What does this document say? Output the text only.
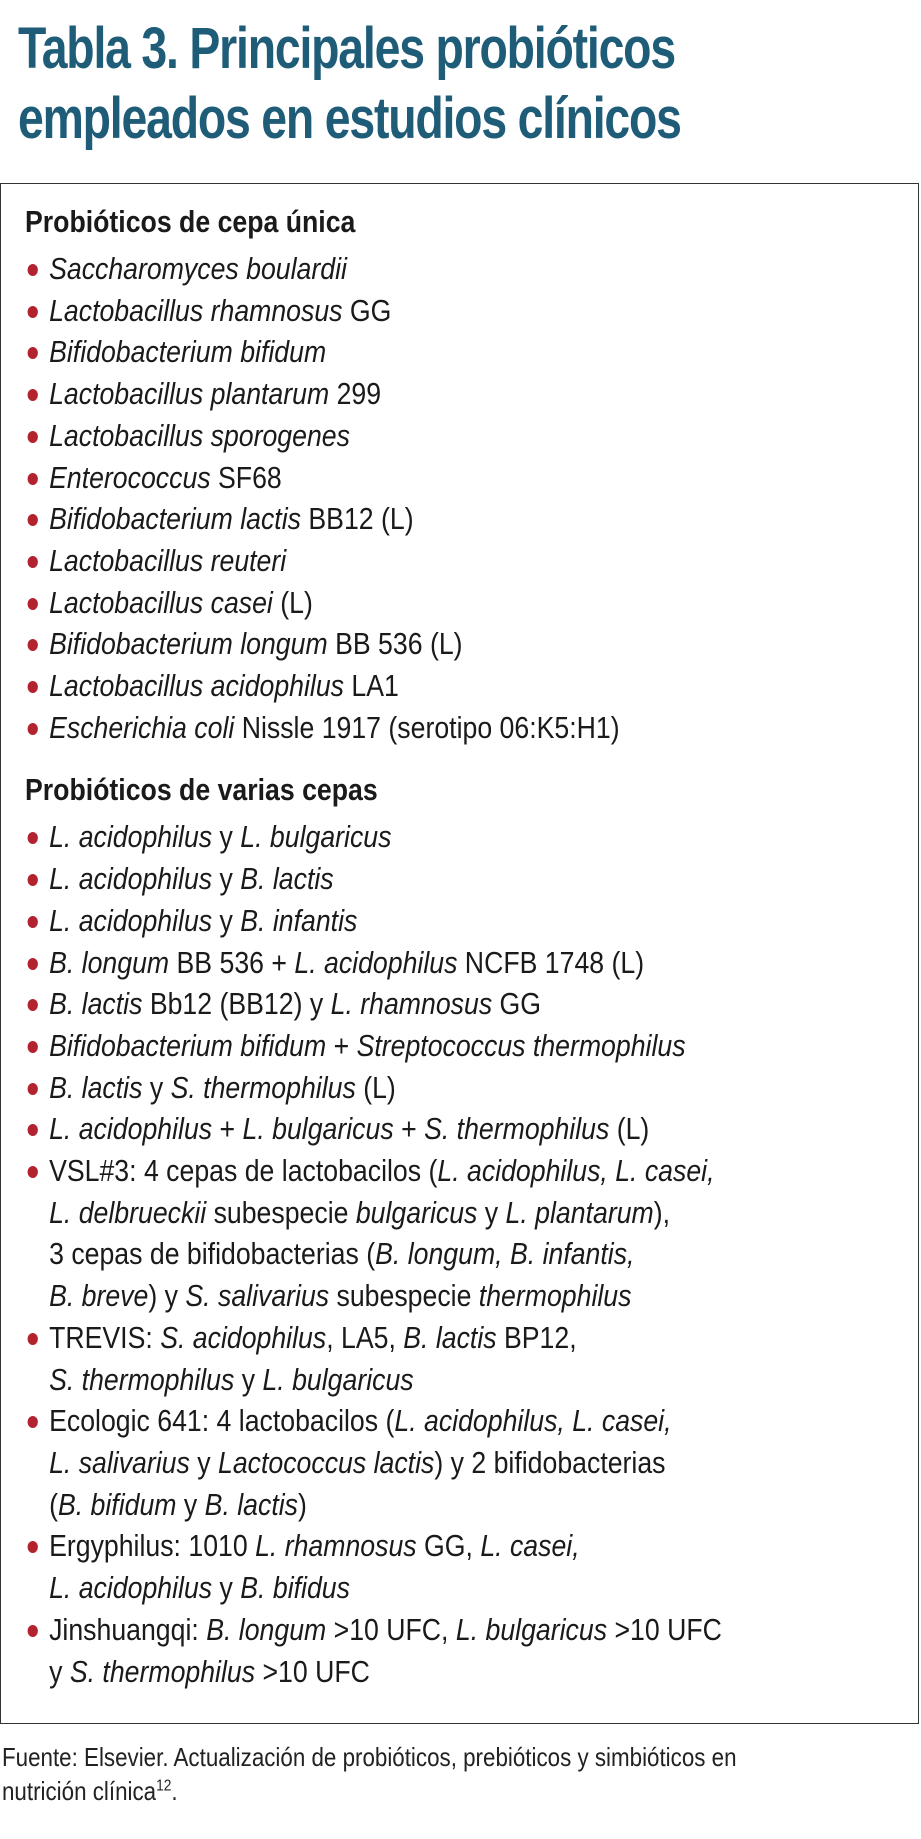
Tabla 3. Principales probióticos
empleados en estudios clínicos
Probióticos de cepa única
Saccharomyces boulardii
Lactobacillus rhamnosus GG
Bifidobacterium bifidum
Lactobacillus plantarum 299
Lactobacillus sporogenes
Enterococcus SF68
Bifidobacterium lactis BB12 (L)
Lactobacillus reuteri
Lactobacillus casei (L)
Bifidobacterium longum BB 536 (L)
Lactobacillus acidophilus LA1
Escherichia coli Nissle 1917 (serotipo 06:K5:H1)
Probióticos de varias cepas
L. acidophilus y L. bulgaricus
L. acidophilus y B. lactis
L. acidophilus y B. infantis
B. longum BB 536 + L. acidophilus NCFB 1748 (L)
B. lactis Bb12 (BB12) y L. rhamnosus GG
Bifidobacterium bifidum + Streptococcus thermophilus
B. lactis y S. thermophilus (L)
L. acidophilus + L. bulgaricus + S. thermophilus (L)
VSL#3: 4 cepas de lactobacilos (L. acidophilus, L. casei,
L. delbrueckii subespecie bulgaricus y L. plantarum),
3 cepas de bifidobacterias (B. longum, B. infantis,
B. breve) y S. salivarius subespecie thermophilus
TREVIS: S. acidophilus, LA5, B. lactis BP12,
S. thermophilus y L. bulgaricus
Ecologic 641: 4 lactobacilos (L. acidophilus, L. casei,
L. salivarius y Lactococcus lactis) y 2 bifidobacterias
(B. bifidum y B. lactis)
Ergyphilus: 1010 L. rhamnosus GG, L. casei,
L. acidophilus y B. bifidus
Jinshuangqi: B. longum >10 UFC, L. bulgaricus >10 UFC
y S. thermophilus >10 UFC

Fuente: Elsevier. Actualización de probióticos, prebióticos y simbióticos en
nutrición clínica$^{12}$.
